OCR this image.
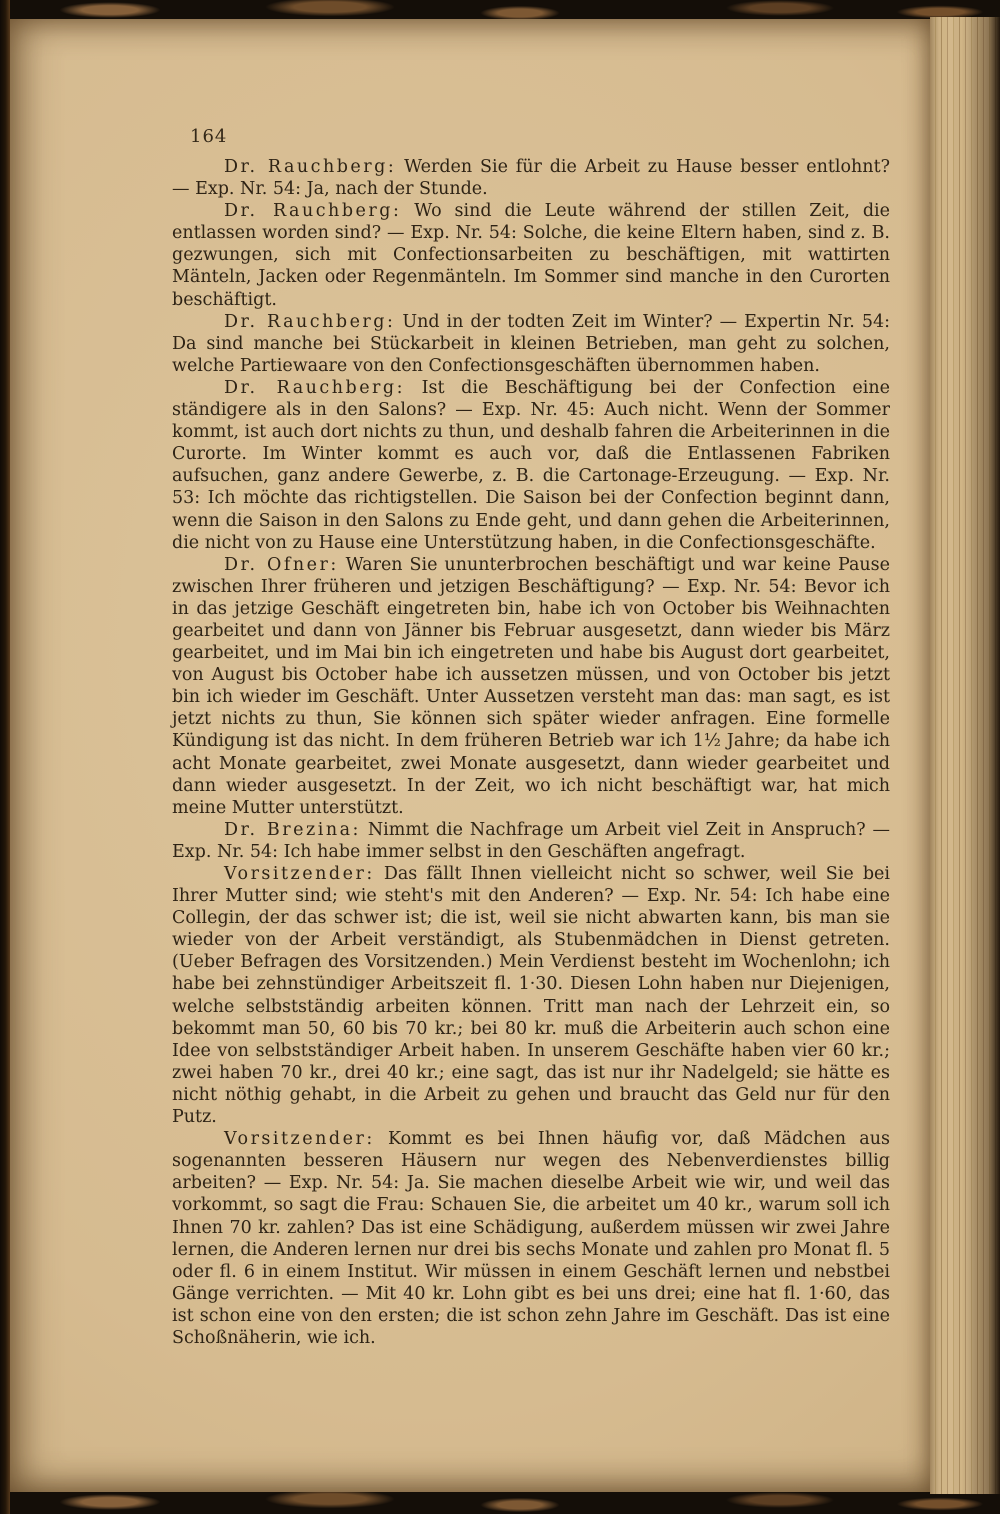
164

Dr. Rauchberg: Werden Sie für die Arbeit zu Hause besser entlohnt? — Exp. Nr. 54: Ja, nach der Stunde.

Dr. Rauchberg: Wo sind die Leute während der stillen Zeit, die entlassen worden sind? — Exp. Nr. 54: Solche, die keine Eltern haben, sind z. B. gezwungen, sich mit Confectionsarbeiten zu beschäftigen, mit wattirten Mänteln, Jacken oder Regenmänteln. Im Sommer sind manche in den Curorten beschäftigt.

Dr. Rauchberg: Und in der todten Zeit im Winter? — Expertin Nr. 54: Da sind manche bei Stückarbeit in kleinen Betrieben, man geht zu solchen, welche Partiewaare von den Confectionsgeschäften übernommen haben.

Dr. Rauchberg: Ist die Beschäftigung bei der Confection eine ständigere als in den Salons? — Exp. Nr. 45: Auch nicht. Wenn der Sommer kommt, ist auch dort nichts zu thun, und deshalb fahren die Arbeiterinnen in die Curorte. Im Winter kommt es auch vor, daß die Entlassenen Fabriken aufsuchen, ganz andere Gewerbe, z. B. die Cartonage-Erzeugung. — Exp. Nr. 53: Ich möchte das richtigstellen. Die Saison bei der Confection beginnt dann, wenn die Saison in den Salons zu Ende geht, und dann gehen die Arbeiterinnen, die nicht von zu Hause eine Unterstützung haben, in die Confectionsgeschäfte.

Dr. Ofner: Waren Sie ununterbrochen beschäftigt und war keine Pause zwischen Ihrer früheren und jetzigen Beschäftigung? — Exp. Nr. 54: Bevor ich in das jetzige Geschäft eingetreten bin, habe ich von October bis Weihnachten gearbeitet und dann von Jänner bis Februar ausgesetzt, dann wieder bis März gearbeitet, und im Mai bin ich eingetreten und habe bis August dort gearbeitet, von August bis October habe ich aussetzen müssen, und von October bis jetzt bin ich wieder im Geschäft. Unter Aussetzen versteht man das: man sagt, es ist jetzt nichts zu thun, Sie können sich später wieder anfragen. Eine formelle Kündigung ist das nicht. In dem früheren Betrieb war ich 1½ Jahre; da habe ich acht Monate gearbeitet, zwei Monate ausgesetzt, dann wieder gearbeitet und dann wieder ausgesetzt. In der Zeit, wo ich nicht beschäftigt war, hat mich meine Mutter unterstützt.

Dr. Brezina: Nimmt die Nachfrage um Arbeit viel Zeit in Anspruch? — Exp. Nr. 54: Ich habe immer selbst in den Geschäften angefragt.

Vorsitzender: Das fällt Ihnen vielleicht nicht so schwer, weil Sie bei Ihrer Mutter sind; wie steht's mit den Anderen? — Exp. Nr. 54: Ich habe eine Collegin, der das schwer ist; die ist, weil sie nicht abwarten kann, bis man sie wieder von der Arbeit verständigt, als Stubenmädchen in Dienst getreten. (Ueber Befragen des Vorsitzenden.) Mein Verdienst besteht im Wochenlohn; ich habe bei zehnstündiger Arbeitszeit fl. 1·30. Diesen Lohn haben nur Diejenigen, welche selbstständig arbeiten können. Tritt man nach der Lehrzeit ein, so bekommt man 50, 60 bis 70 kr.; bei 80 kr. muß die Arbeiterin auch schon eine Idee von selbstständiger Arbeit haben. In unserem Geschäfte haben vier 60 kr.; zwei haben 70 kr., drei 40 kr.; eine sagt, das ist nur ihr Nadelgeld; sie hätte es nicht nöthig gehabt, in die Arbeit zu gehen und braucht das Geld nur für den Putz.

Vorsitzender: Kommt es bei Ihnen häufig vor, daß Mädchen aus sogenannten besseren Häusern nur wegen des Nebenverdienstes billig arbeiten? — Exp. Nr. 54: Ja. Sie machen dieselbe Arbeit wie wir, und weil das vorkommt, so sagt die Frau: Schauen Sie, die arbeitet um 40 kr., warum soll ich Ihnen 70 kr. zahlen? Das ist eine Schädigung, außerdem müssen wir zwei Jahre lernen, die Anderen lernen nur drei bis sechs Monate und zahlen pro Monat fl. 5 oder fl. 6 in einem Institut. Wir müssen in einem Geschäft lernen und nebstbei Gänge verrichten. — Mit 40 kr. Lohn gibt es bei uns drei; eine hat fl. 1·60, das ist schon eine von den ersten; die ist schon zehn Jahre im Geschäft. Das ist eine Schoßnäherin, wie ich.
